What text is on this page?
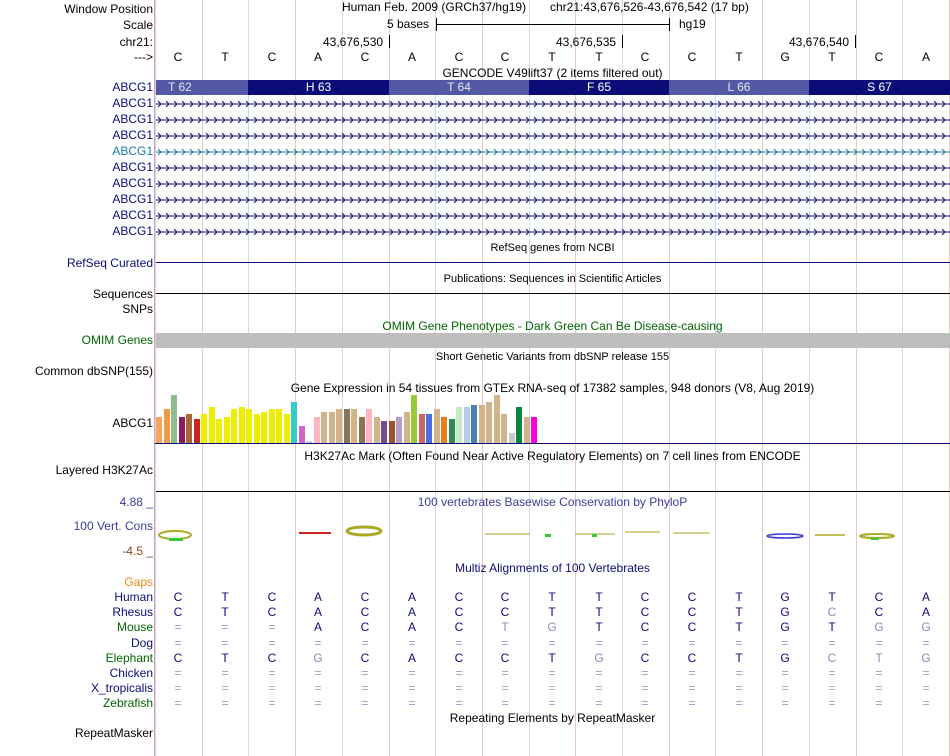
Window Position
Scale
chr21:
--->
Human Feb. 2009 (GRCh37/hg19) chr21:43,676,526-43,676,542 (17 bp)
5 bases	hg19
43,676,530	43,676,535	43,676,540
C	T	C	A	C	A	C	C	T	T	C	C	T	G	T	C	A
GENCODE V49lift37 (2 items filtered out)
T 62	H 63	T 64	F 65	L 66	S 67
ABCG1
ABCG1
ABCG1
ABCG1
ABCG1
ABCG1
ABCG1
ABCG1
ABCG1
ABCG1
RefSeq genes from NCBI
RefSeq Curated
Publications: Sequences in Scientific Articles
Sequences
SNPs
OMIM Gene Phenotypes - Dark Green Can Be Disease-causing
OMIM Genes
Short Genetic Variants from dbSNP release 155
Common dbSNP(155)
Gene Expression in 54 tissues from GTEx RNA-seq of 17382 samples, 948 donors (V8, Aug 2019)
ABCG1
H3K27Ac Mark (Often Found Near Active Regulatory Elements) on 7 cell lines from ENCODE
Layered H3K27Ac
100 vertebrates Basewise Conservation by PhyloP
4.88 _
100 Vert. Cons
-4.5 _
Multiz Alignments of 100 Vertebrates
Gaps
Human	C	T	C	A	C	A	C	C	T	T	C	C	T	G	T	C	A
Rhesus	C	T	C	A	C	A	C	C	T	T	C	C	T	G	C	C	A
Mouse	=	=	=	A	C	A	C	T	G	T	C	C	T	G	T	G	G
Dog	=	=	=	=	=	=	=	=	=	=	=	=	=	=	=	=	=
Elephant	C	T	C	G	C	A	C	C	T	G	C	C	T	G	C	T	G
Chicken	=	=	=	=	=	=	=	=	=	=	=	=	=	=	=	=	=
X_tropicalis	=	=	=	=	=	=	=	=	=	=	=	=	=	=	=	=	=
Zebrafish	=	=	=	=	=	=	=	=	=	=	=	=	=	=	=	=	=
Repeating Elements by RepeatMasker
RepeatMasker
